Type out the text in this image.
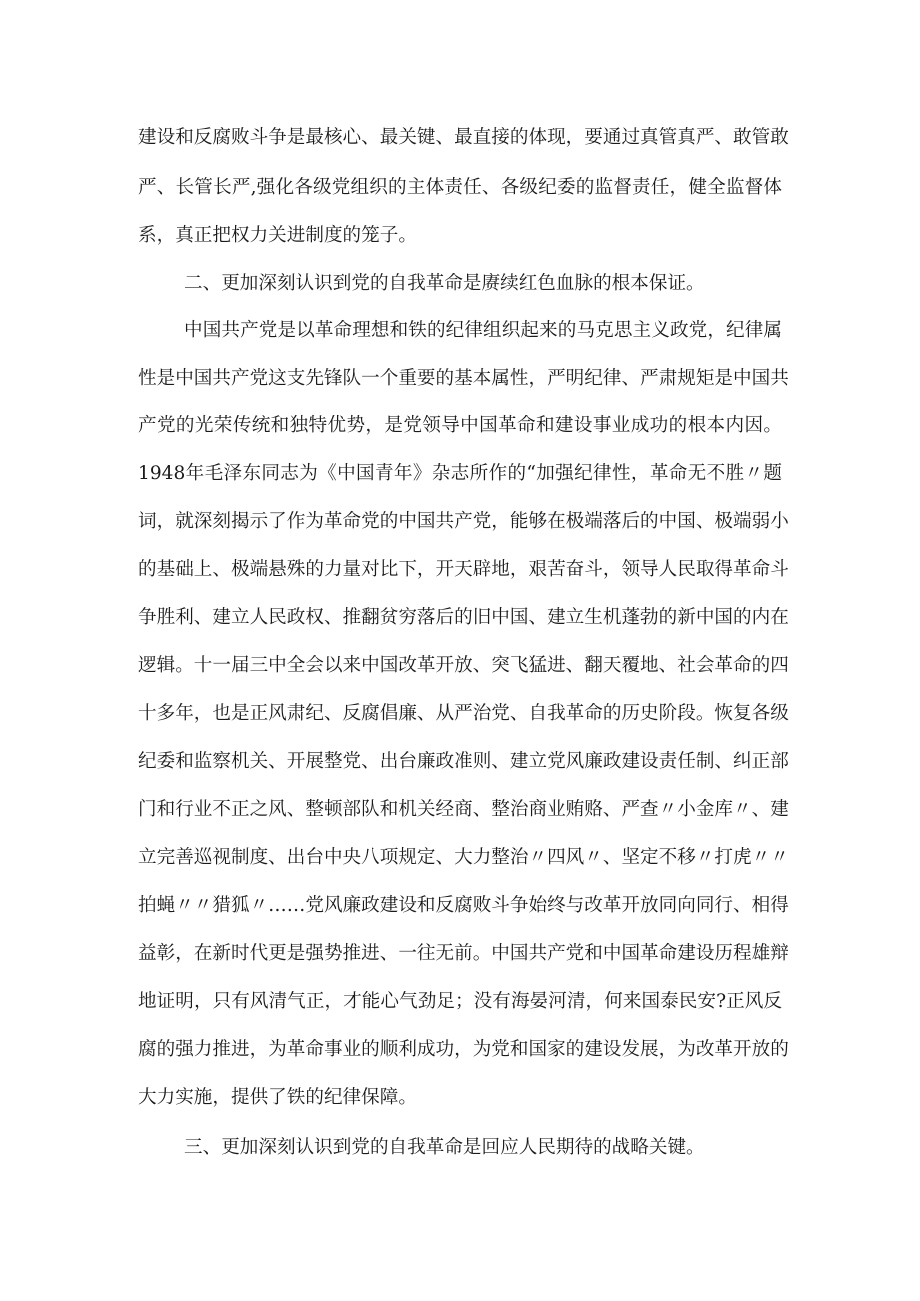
建设和反腐败斗争是最核心、最关键、最直接的体现，要通过真管真严、敢管敢
严、长管长严,强化各级党组织的主体责任、各级纪委的监督责任，健全监督体
系，真正把权力关进制度的笼子。
二、更加深刻认识到党的自我革命是赓续红色血脉的根本保证。
中国共产党是以革命理想和铁的纪律组织起来的马克思主义政党，纪律属
性是中国共产党这支先锋队一个重要的基本属性，严明纪律、严肃规矩是中国共
产党的光荣传统和独特优势，是党领导中国革命和建设事业成功的根本内因。
1948年毛泽东同志为《中国青年》杂志所作的“加强纪律性，革命无不胜〃题
词，就深刻揭示了作为革命党的中国共产党，能够在极端落后的中国、极端弱小
的基础上、极端悬殊的力量对比下，开天辟地，艰苦奋斗，领导人民取得革命斗
争胜利、建立人民政权、推翻贫穷落后的旧中国、建立生机蓬勃的新中国的内在
逻辑。十一届三中全会以来中国改革开放、突飞猛进、翻天覆地、社会革命的四
十多年，也是正风肃纪、反腐倡廉、从严治党、自我革命的历史阶段。恢复各级
纪委和监察机关、开展整党、出台廉政准则、建立党风廉政建设责任制、纠正部
门和行业不正之风、整顿部队和机关经商、整治商业贿赂、严查〃小金库〃、建
立完善巡视制度、出台中央八项规定、大力整治〃四风〃、坚定不移〃打虎〃〃
拍蝇〃〃猎狐〃……党风廉政建设和反腐败斗争始终与改革开放同向同行、相得
益彰，在新时代更是强势推进、一往无前。中国共产党和中国革命建设历程雄辩
地证明，只有风清气正，才能心气劲足；没有海晏河清，何来国泰民安?正风反
腐的强力推进，为革命事业的顺利成功，为党和国家的建设发展，为改革开放的
大力实施，提供了铁的纪律保障。
三、更加深刻认识到党的自我革命是回应人民期待的战略关键。
